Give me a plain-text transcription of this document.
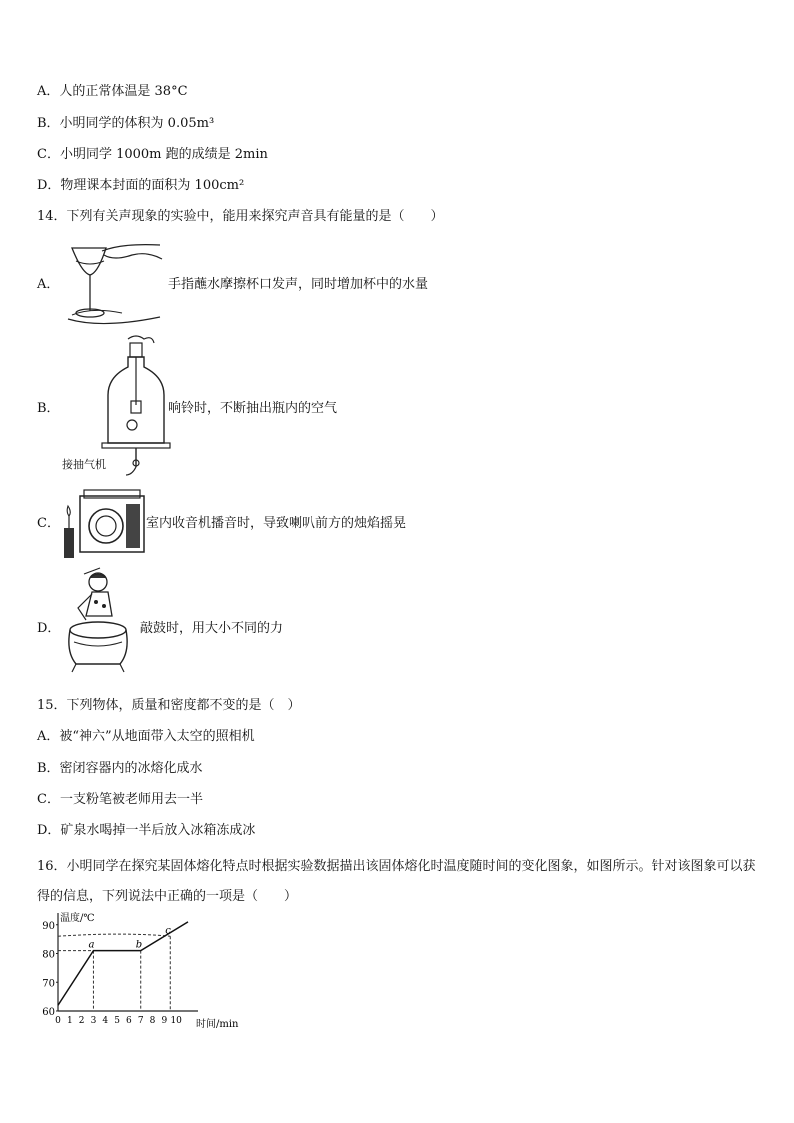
A．人的正常体温是 38°C
B．小明同学的体积为 0.05m³
C．小明同学 1000m 跑的成绩是 2min
D．物理课本封面的面积为 100cm²
14．下列有关声现象的实验中，能用来探究声音具有能量的是（　　）
A．	手指蘸水摩擦杯口发声，同时增加杯中的水量
B．	响铃时，不断抽出瓶内的空气
接抽气机
C．	室内收音机播音时，导致喇叭前方的烛焰摇晃
D．	敲鼓时，用大小不同的力
15．下列物体，质量和密度都不变的是（　）
A．被“神六”从地面带入太空的照相机
B．密闭容器内的冰熔化成水
C．一支粉笔被老师用去一半
D．矿泉水喝掉一半后放入冰箱冻成冰
16．小明同学在探究某固体熔化特点时根据实验数据描出该固体熔化时温度随时间的变化图象，如图所示。针对该图象可以获得的信息，下列说法中正确的一项是（　　）
60
70
80
90
0 1 2 3 4 5 6 7 8 9 10
温度/℃
时间/min
a	b
c
